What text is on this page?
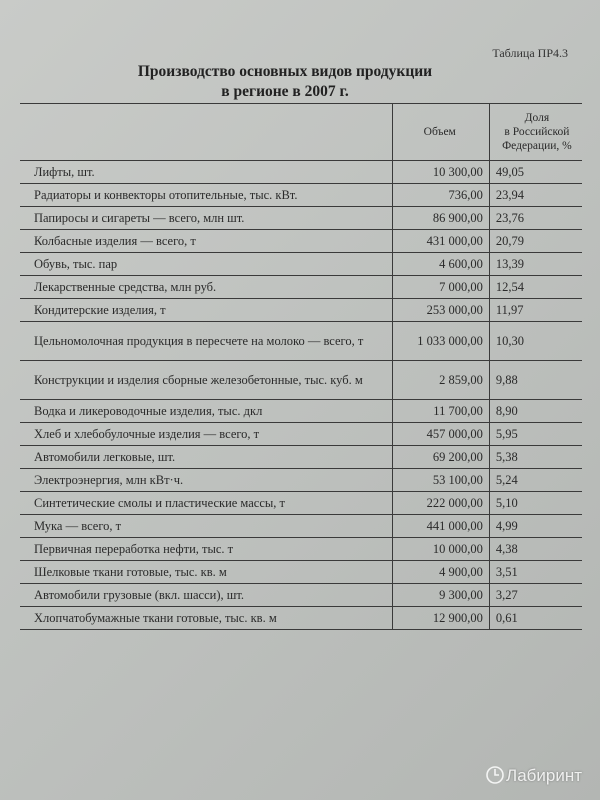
Таблица ПР4.3
Производство основных видов продукции
в регионе в 2007 г.
	Объем	Доля
в Российской
Федерации, %

Лифты, шт.	10 300,00	49,05
Радиаторы и конвекторы отопительные, тыс. кВт.	736,00	23,94
Папиросы и сигареты — всего, млн шт.	86 900,00	23,76
Колбасные изделия — всего, т	431 000,00	20,79
Обувь, тыс. пар	4 600,00	13,39
Лекарственные средства, млн руб.	7 000,00	12,54
Кондитерские изделия, т	253 000,00	11,97
Цельномолочная продукция в пересчете на молоко — всего, т	1 033 000,00	10,30
Конструкции и изделия сборные железобетонные, тыс. куб. м	2 859,00	9,88
Водка и ликероводочные изделия, тыс. дкл	11 700,00	8,90
Хлеб и хлебобулочные изделия — всего, т	457 000,00	5,95
Автомобили легковые, шт.	69 200,00	5,38
Электроэнергия, млн кВт·ч.	53 100,00	5,24
Синтетические смолы и пластические массы, т	222 000,00	5,10
Мука — всего, т	441 000,00	4,99
Первичная переработка нефти, тыс. т	10 000,00	4,38
Шелковые ткани готовые, тыс. кв. м	4 900,00	3,51
Автомобили грузовые (вкл. шасси), шт.	9 300,00	3,27
Хлопчатобумажные ткани готовые, тыс. кв. м	12 900,00	0,61
Лабиринт
